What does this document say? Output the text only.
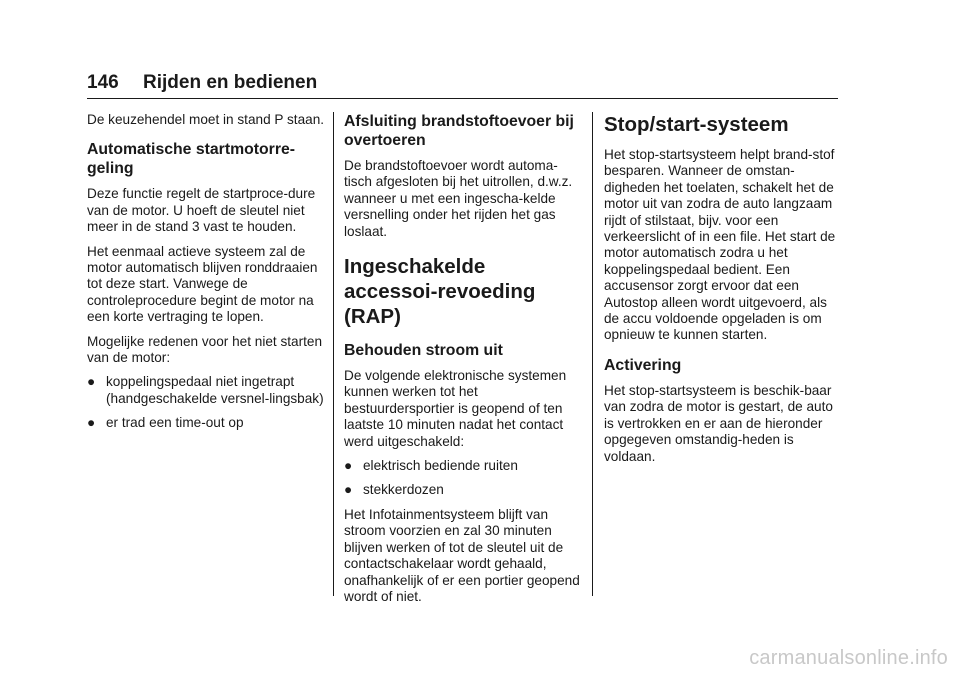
146 Rijden en bedienen

De keuzehendel moet in stand P staan.

Automatische startmotorre-geling

Deze functie regelt de startproce-dure van de motor. U hoeft de sleutel niet meer in de stand 3 vast te houden.

Het eenmaal actieve systeem zal de motor automatisch blijven ronddraaien tot deze start. Vanwege de controleprocedure begint de motor na een korte vertraging te lopen.

Mogelijke redenen voor het niet starten van de motor:

● koppelingspedaal niet ingetrapt (handgeschakelde versnel-lingsbak)
● er trad een time-out op
Afsluiting brandstoftoevoer bij overtoeren

De brandstoftoevoer wordt automa-tisch afgesloten bij het uitrollen, d.w.z. wanneer u met een ingescha-kelde versnelling onder het rijden het gas loslaat.

Ingeschakelde accessoi-revoeding (RAP)
Behouden stroom uit

De volgende elektronische systemen kunnen werken tot het bestuurdersportier is geopend of ten laatste 10 minuten nadat het contact werd uitgeschakeld:

● elektrisch bediende ruiten
● stekkerdozen

Het Infotainmentsysteem blijft van stroom voorzien en zal 30 minuten blijven werken of tot de sleutel uit de contactschakelaar wordt gehaald, onafhankelijk of er een portier geopend wordt of niet.

Stop/start-systeem

Het stop-startsysteem helpt brand-stof besparen. Wanneer de omstan-digheden het toelaten, schakelt het de motor uit van zodra de auto langzaam rijdt of stilstaat, bijv. voor een verkeerslicht of in een file. Het start de motor automatisch zodra u het koppelingspedaal bedient. Een accusensor zorgt ervoor dat een Autostop alleen wordt uitgevoerd, als de accu voldoende opgeladen is om opnieuw te kunnen starten.

Activering

Het stop-startsysteem is beschik-baar van zodra de motor is gestart, de auto is vertrokken en er aan de hieronder opgegeven omstandig-heden is voldaan.

carmanualsonline.info
